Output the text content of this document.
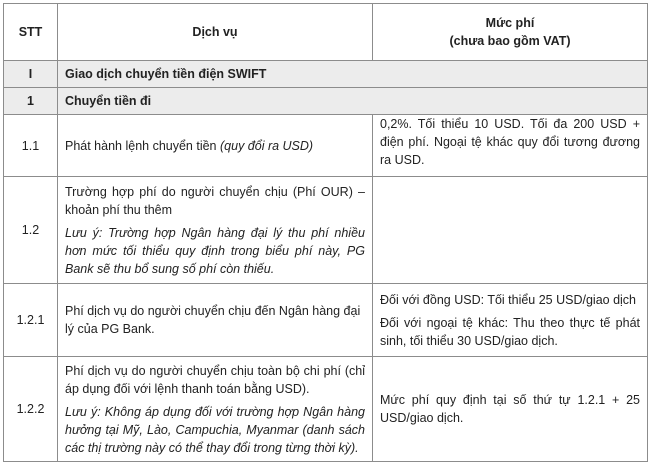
STT	Dịch vụ	Mức phí
(chưa bao gồm VAT)

I	Giao dịch chuyển tiền điện SWIFT	
1	Chuyển tiền đi	
1.1	Phát hành lệnh chuyển tiền (quy đổi ra USD)	0,2%. Tối thiểu 10 USD. Tối đa 200 USD + điện phí. Ngoại tệ khác quy đổi tương đương ra USD.
1.2	Trường hợp phí do người chuyển chịu (Phí OUR) – khoản phí thu thêm
Lưu ý: Trường hợp Ngân hàng đại lý thu phí nhiều hơn mức tối thiểu quy định trong biểu phí này, PG Bank sẽ thu bổ sung số phí còn thiếu.	

1.2.1	Phí dịch vụ do người chuyển chịu đến Ngân hàng đại lý của PG Bank.	Đối với đồng USD: Tối thiểu 25 USD/giao dịch
Đối với ngoại tệ khác: Thu theo thực tế phát sinh, tối thiểu 30 USD/giao dịch.

1.2.2	Phí dịch vụ do người chuyển chịu toàn bộ chi phí (chỉ áp dụng đối với lệnh thanh toán bằng USD).
Lưu ý: Không áp dụng đối với trường hợp Ngân hàng hưởng tại Mỹ, Lào, Campuchia, Myanmar (danh sách các thị trường này có thể thay đổi trong từng thời kỳ).	Mức phí quy định tại số thứ tự 1.2.1 + 25 USD/giao dịch.
